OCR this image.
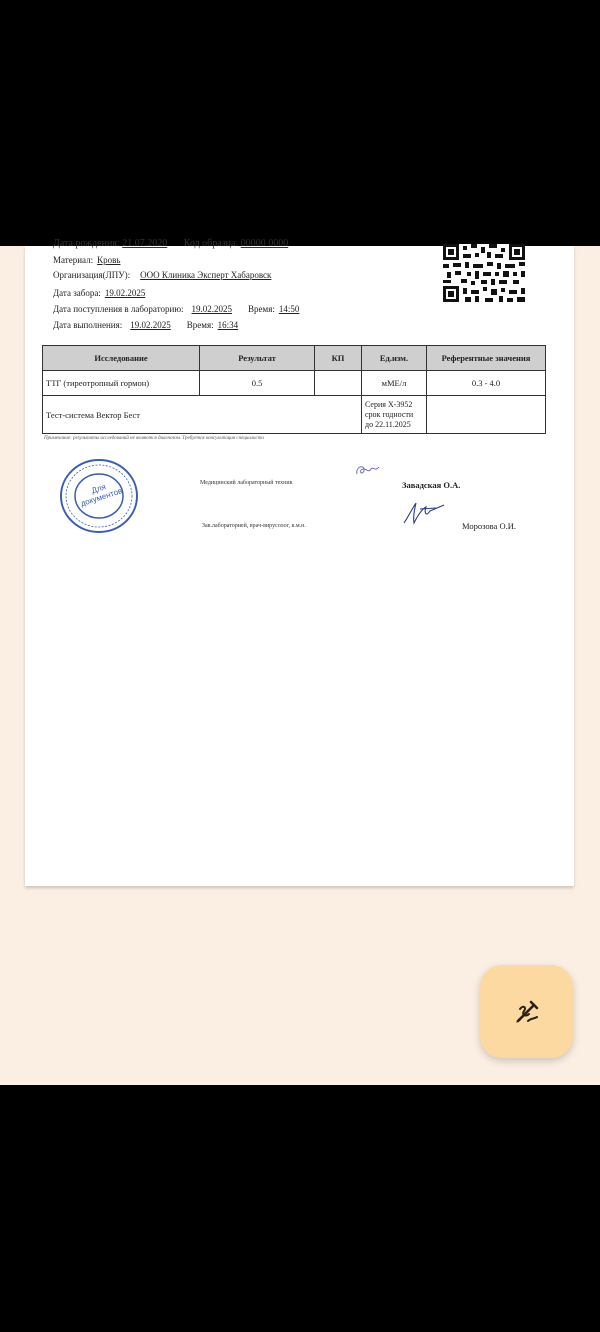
Дата рождения: 21.07.2020 Код образца: 00000 0000
Материал: Кровь
Организация(ЛПУ): ООО Клиника Эксперт Хабаровск
Дата забора: 19.02.2025
Дата поступления в лабораторию: 19.02.2025 Время: 14:50
Дата выполнения: 19.02.2025 Время: 16:34
Исследование	Результат	КП	Ед.изм.	Референтные значения
ТТГ (тиреотропный гормон)	0.5		мМЕ/л	0.3 - 4.0
Тест-система Вектор Бест			Серия Х-3952 срок годности до 22.11.2025	
Примечание: результаты исследований не являются диагнозом. Требуется консультация специалиста
Для документов
Медицинский лабораторный техник	Завадская О.А.
Зав.лабораторией, врач-вирусолог, к.м.н.	Морозова О.И.
